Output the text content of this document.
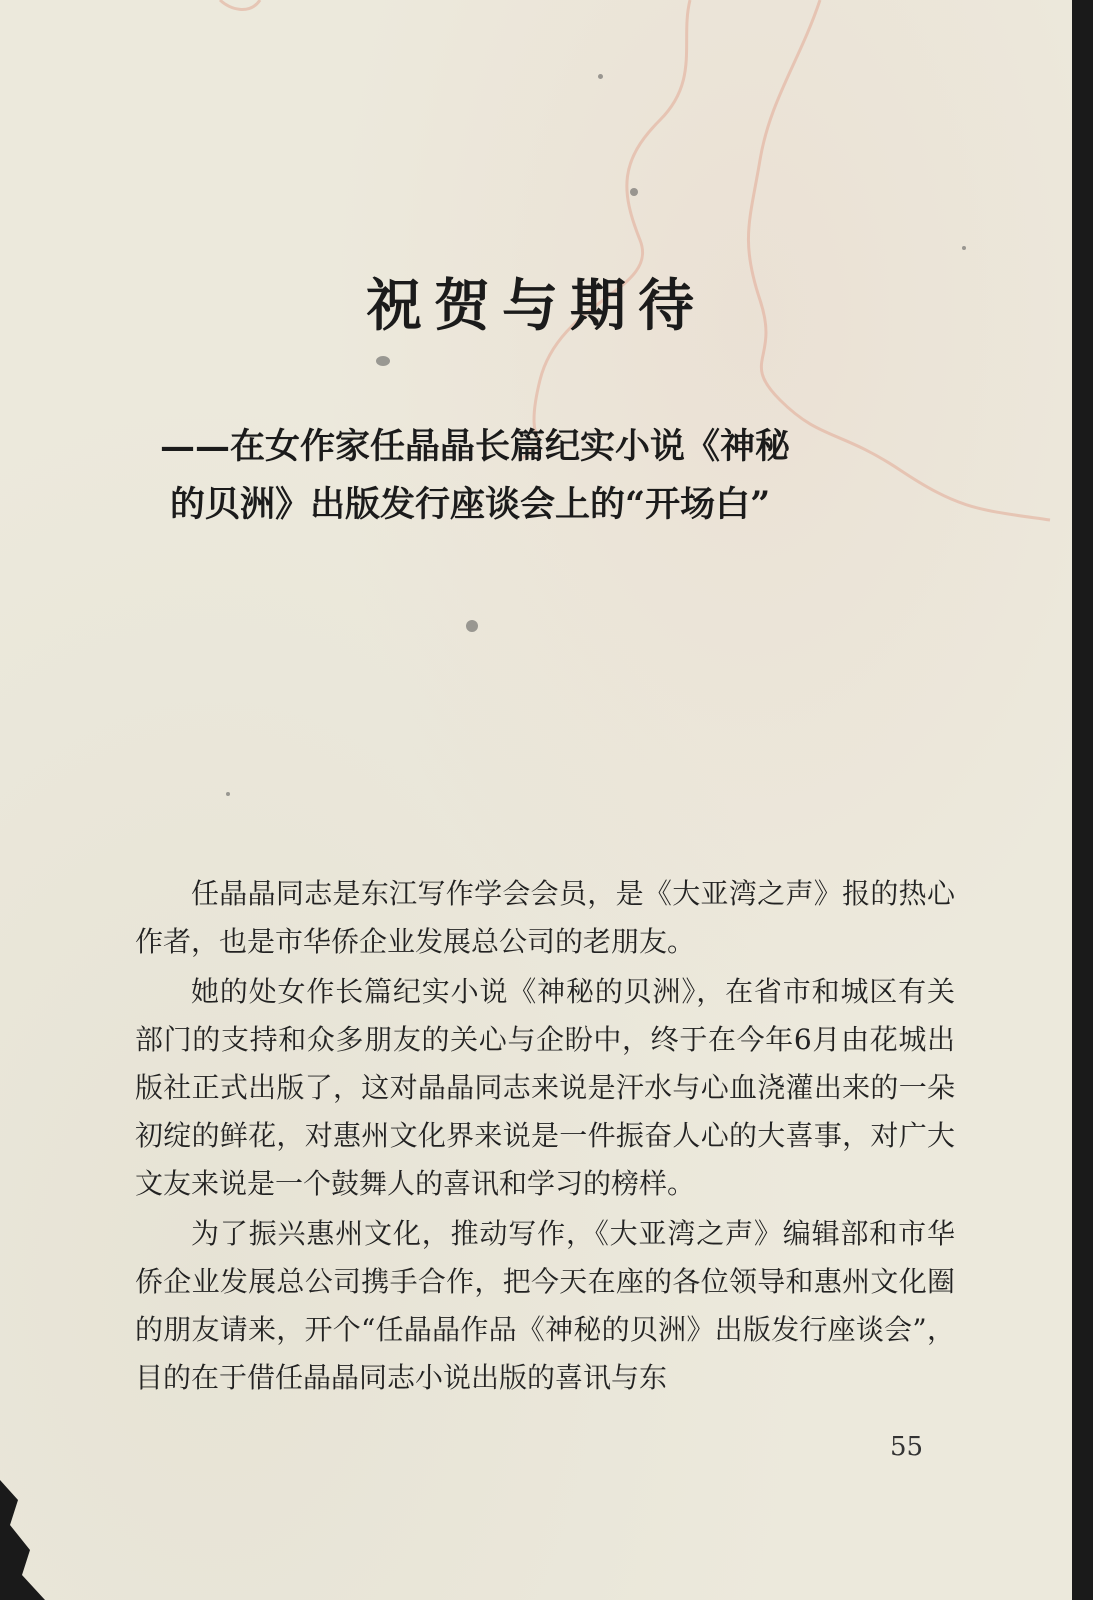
祝贺与期待
——在女作家任晶晶长篇纪实小说《神秘
的贝洲》出版发行座谈会上的“开场白”

任晶晶同志是东江写作学会会员，是《大亚湾之声》报的热心作者，也是市华侨企业发展总公司的老朋友。

她的处女作长篇纪实小说《神秘的贝洲》，在省市和城区有关部门的支持和众多朋友的关心与企盼中，终于在今年6月由花城出版社正式出版了，这对晶晶同志来说是汗水与心血浇灌出来的一朵初绽的鲜花，对惠州文化界来说是一件振奋人心的大喜事，对广大文友来说是一个鼓舞人的喜讯和学习的榜样。

为了振兴惠州文化，推动写作，《大亚湾之声》编辑部和市华侨企业发展总公司携手合作，把今天在座的各位领导和惠州文化圈的朋友请来，开个“任晶晶作品《神秘的贝洲》出版发行座谈会”，目的在于借任晶晶同志小说出版的喜讯与东

55
